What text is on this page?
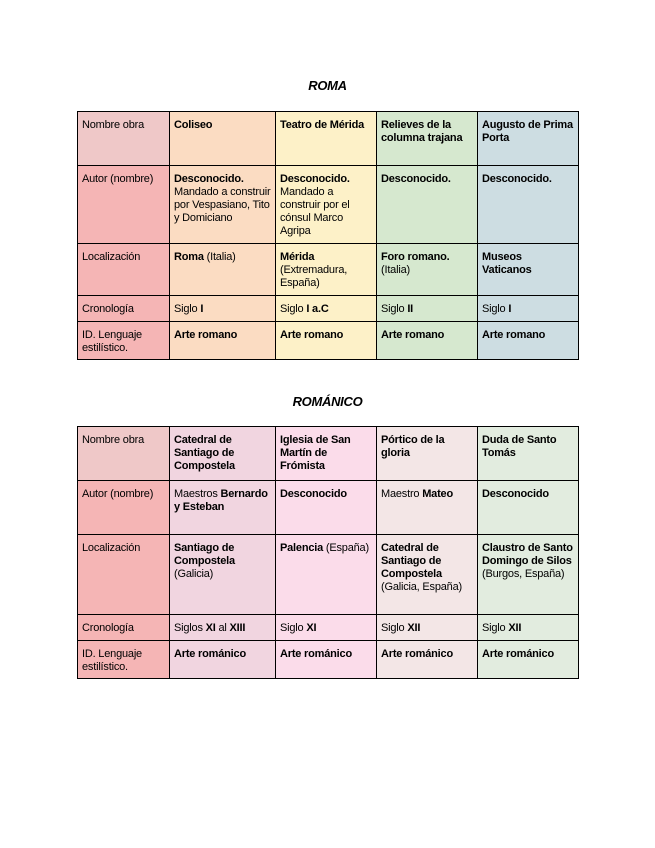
ROMA
Nombre obra	Coliseo	Teatro de Mérida	Relieves de la columna trajana	Augusto de Prima Porta
Autor (nombre)	Desconocido. Mandado a construir por Vespasiano, Tito y Domiciano	Desconocido. Mandado a construir por el cónsul Marco Agripa	Desconocido.	Desconocido.
Localización	Roma (Italia)	Mérida (Extremadura, España)	Foro romano. (Italia)	Museos Vaticanos
Cronología	Siglo I	Siglo I a.C	Siglo II	Siglo I
ID. Lenguaje estilístico.	Arte romano	Arte romano	Arte romano	Arte romano
ROMÁNICO
Nombre obra	Catedral de Santiago de Compostela	Iglesia de San Martín de Frómista	Pórtico de la gloria	Duda de Santo Tomás
Autor (nombre)	Maestros Bernardo y Esteban	Desconocido	Maestro Mateo	Desconocido
Localización	Santiago de Compostela (Galicia)	Palencia (España)	Catedral de Santiago de Compostela (Galicia, España)	Claustro de Santo Domingo de Silos (Burgos, España)
Cronología	Siglos XI al XIII	Siglo XI	Siglo XII	Siglo XII
ID. Lenguaje estilístico.	Arte románico	Arte románico	Arte románico	Arte románico
